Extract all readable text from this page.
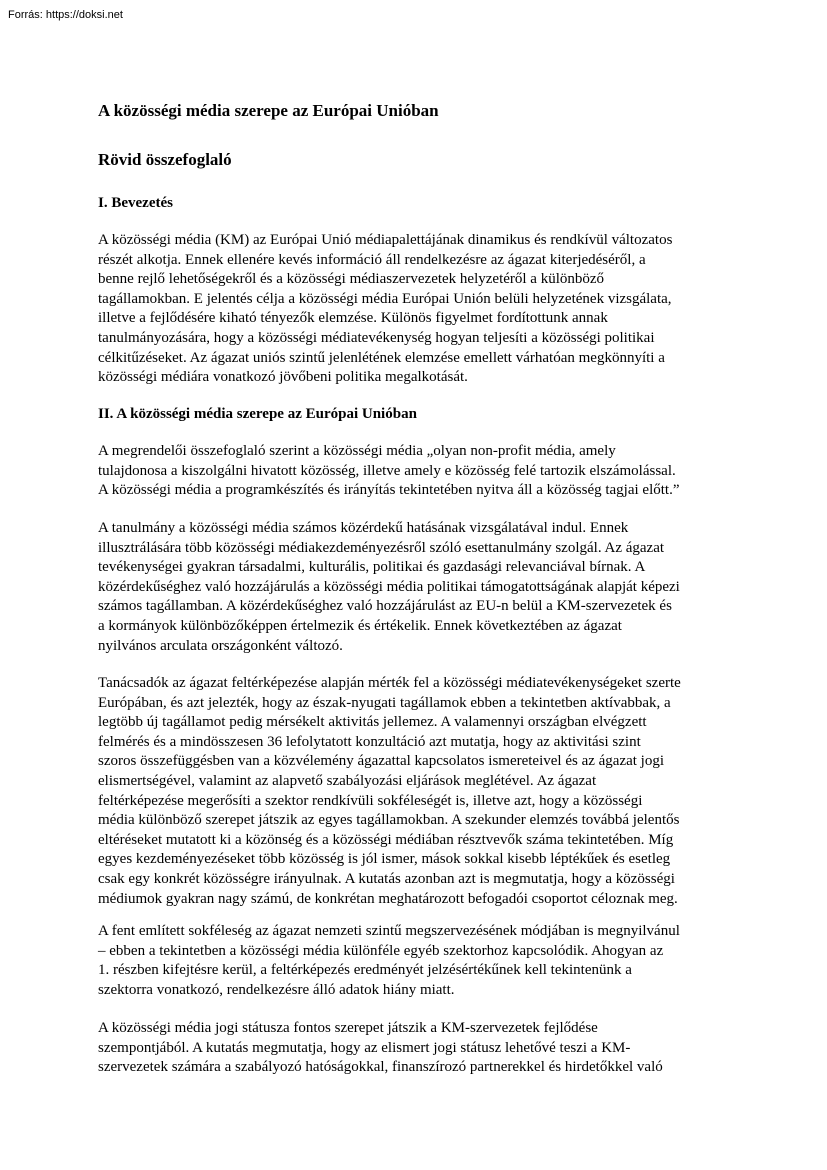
Forrás: https://doksi.net
A közösségi média szerepe az Európai Unióban
Rövid összefoglaló
I. Bevezetés

A közösségi média (KM) az Európai Unió médiapalettájának dinamikus és rendkívül változatos
részét alkotja. Ennek ellenére kevés információ áll rendelkezésre az ágazat kiterjedéséről, a
benne rejlő lehetőségekről és a közösségi médiaszervezetek helyzetéről a különböző
tagállamokban. E jelentés célja a közösségi média Európai Unión belüli helyzetének vizsgálata,
illetve a fejlődésére kiható tényezők elemzése. Különös figyelmet fordítottunk annak
tanulmányozására, hogy a közösségi médiatevékenység hogyan teljesíti a közösségi politikai
célkitűzéseket. Az ágazat uniós szintű jelenlétének elemzése emellett várhatóan megkönnyíti a
közösségi médiára vonatkozó jövőbeni politika megalkotását.

II. A közösségi média szerepe az Európai Unióban

A megrendelői összefoglaló szerint a közösségi média „olyan non-profit média, amely
tulajdonosa a kiszolgálni hivatott közösség, illetve amely e közösség felé tartozik elszámolással.
A közösségi média a programkészítés és irányítás tekintetében nyitva áll a közösség tagjai előtt.”

A tanulmány a közösségi média számos közérdekű hatásának vizsgálatával indul. Ennek
illusztrálására több közösségi médiakezdeményezésről szóló esettanulmány szolgál. Az ágazat
tevékenységei gyakran társadalmi, kulturális, politikai és gazdasági relevanciával bírnak. A
közérdekűséghez való hozzájárulás a közösségi média politikai támogatottságának alapját képezi
számos tagállamban. A közérdekűséghez való hozzájárulást az EU-n belül a KM-szervezetek és
a kormányok különbözőképpen értelmezik és értékelik. Ennek következtében az ágazat
nyilvános arculata országonként változó.

Tanácsadók az ágazat feltérképezése alapján mérték fel a közösségi médiatevékenységeket szerte
Európában, és azt jelezték, hogy az észak-nyugati tagállamok ebben a tekintetben aktívabbak, a
legtöbb új tagállamot pedig mérsékelt aktivitás jellemez. A valamennyi országban elvégzett
felmérés és a mindösszesen 36 lefolytatott konzultáció azt mutatja, hogy az aktivitási szint
szoros összefüggésben van a közvélemény ágazattal kapcsolatos ismereteivel és az ágazat jogi
elismertségével, valamint az alapvető szabályozási eljárások meglétével. Az ágazat
feltérképezése megerősíti a szektor rendkívüli sokféleségét is, illetve azt, hogy a közösségi
média különböző szerepet játszik az egyes tagállamokban. A szekunder elemzés továbbá jelentős
eltéréseket mutatott ki a közönség és a közösségi médiában résztvevők száma tekintetében. Míg
egyes kezdeményezéseket több közösség is jól ismer, mások sokkal kisebb léptékűek és esetleg
csak egy konkrét közösségre irányulnak. A kutatás azonban azt is megmutatja, hogy a közösségi
médiumok gyakran nagy számú, de konkrétan meghatározott befogadói csoportot céloznak meg.

A fent említett sokféleség az ágazat nemzeti szintű megszervezésének módjában is megnyilvánul
– ebben a tekintetben a közösségi média különféle egyéb szektorhoz kapcsolódik. Ahogyan az
1. részben kifejtésre kerül, a feltérképezés eredményét jelzésértékűnek kell tekintenünk a
szektorra vonatkozó, rendelkezésre álló adatok hiány miatt.

A közösségi média jogi státusza fontos szerepet játszik a KM-szervezetek fejlődése
szempontjából. A kutatás megmutatja, hogy az elismert jogi státusz lehetővé teszi a KM-
szervezetek számára a szabályozó hatóságokkal, finanszírozó partnerekkel és hirdetőkkel való
